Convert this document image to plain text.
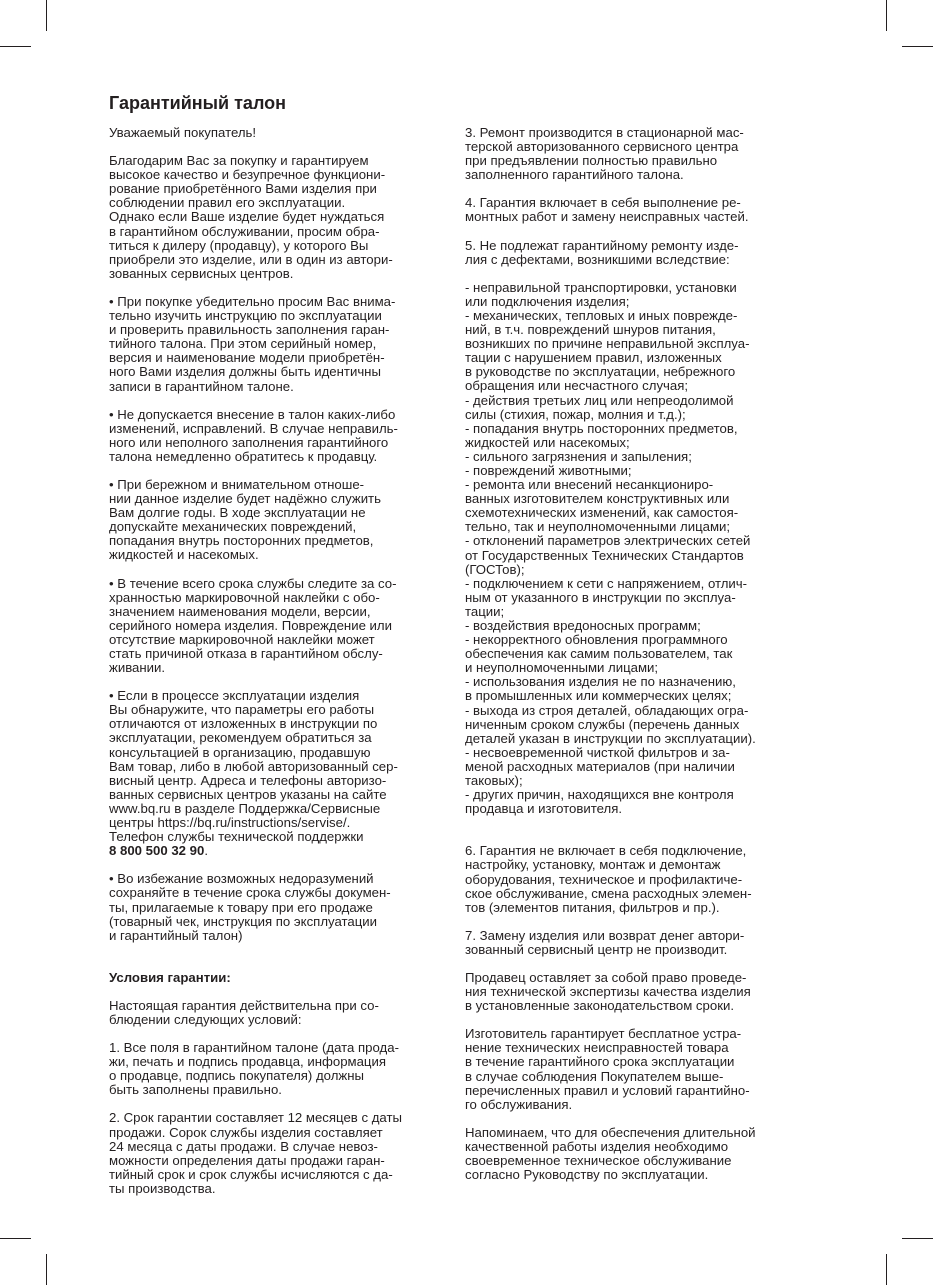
Гарантийный талон

Уважаемый покупатель!

Благодарим Вас за покупку и гарантируем
высокое качество и безупречное функциони-
рование приобретённого Вами изделия при
соблюдении правил его эксплуатации.
Однако если Ваше изделие будет нуждаться
в гарантийном обслуживании, просим обра-
титься к дилеру (продавцу), у которого Вы
приобрели это изделие, или в один из автори-
зованных сервисных центров.

• При покупке убедительно просим Вас внима-
тельно изучить инструкцию по эксплуатации
и проверить правильность заполнения гаран-
тийного талона. При этом серийный номер,
версия и наименование модели приобретён-
ного Вами изделия должны быть идентичны
записи в гарантийном талоне.

• Не допускается внесение в талон каких-либо
изменений, исправлений. В случае неправиль-
ного или неполного заполнения гарантийного
талона немедленно обратитесь к продавцу.

• При бережном и внимательном отноше-
нии данное изделие будет надёжно служить
Вам долгие годы. В ходе эксплуатации не
допускайте механических повреждений,
попадания внутрь посторонних предметов,
жидкостей и насекомых.

• В течение всего срока службы следите за со-
хранностью маркировочной наклейки с обо-
значением наименования модели, версии,
серийного номера изделия. Повреждение или
отсутствие маркировочной наклейки может
стать причиной отказа в гарантийном обслу-
живании.

• Если в процессе эксплуатации изделия
Вы обнаружите, что параметры его работы
отличаются от изложенных в инструкции по
эксплуатации, рекомендуем обратиться за
консультацией в организацию, продавшую
Вам товар, либо в любой авторизованный сер-
висный центр. Адреса и телефоны авторизо-
ванных сервисных центров указаны на сайте
www.bq.ru в разделе Поддержка/Сервисные
центры https://bq.ru/instructions/servise/.
Телефон службы технической поддержки
8 800 500 32 90.

• Во избежание возможных недоразумений
сохраняйте в течение срока службы докумен-
ты, прилагаемые к товару при его продаже
(товарный чек, инструкция по эксплуатации
и гарантийный талон)

Условия гарантии:

Настоящая гарантия действительна при со-
блюдении следующих условий:

1. Все поля в гарантийном талоне (дата прода-
жи, печать и подпись продавца, информация
о продавце, подпись покупателя) должны
быть заполнены правильно.

2. Срок гарантии составляет 12 месяцев с даты
продажи. Сорок службы изделия составляет
24 месяца с даты продажи. В случае невоз-
можности определения даты продажи гаран-
тийный срок и срок службы исчисляются с да-
ты производства.

3. Ремонт производится в стационарной мас-
терской авторизованного сервисного центра
при предъявлении полностью правильно
заполненного гарантийного талона.

4. Гарантия включает в себя выполнение ре-
монтных работ и замену неисправных частей.

5. Не подлежат гарантийному ремонту изде-
лия с дефектами, возникшими вследствие:

- неправильной транспортировки, установки
или подключения изделия;
- механических, тепловых и иных поврежде-
ний, в т.ч. повреждений шнуров питания,
возникших по причине неправильной эксплуа-
тации с нарушением правил, изложенных
в руководстве по эксплуатации, небрежного
обращения или несчастного случая;
- действия третьих лиц или непреодолимой
силы (стихия, пожар, молния и т.д.);
- попадания внутрь посторонних предметов,
жидкостей или насекомых;
- сильного загрязнения и запыления;
- повреждений животными;
- ремонта или внесений несанкциониро-
ванных изготовителем конструктивных или
схемотехнических изменений, как самостоя-
тельно, так и неуполномоченными лицами;
- отклонений параметров электрических сетей
от Государственных Технических Стандартов
(ГОСТов);
- подключением к сети с напряжением, отлич-
ным от указанного в инструкции по эксплуа-
тации;
- воздействия вредоносных программ;
- некорректного обновления программного
обеспечения как самим пользователем, так
и неуполномоченными лицами;
- использования изделия не по назначению,
в промышленных или коммерческих целях;
- выхода из строя деталей, обладающих огра-
ниченным сроком службы (перечень данных
деталей указан в инструкции по эксплуатации).
- несвоевременной чисткой фильтров и за-
меной расходных материалов (при наличии
таковых);
- других причин, находящихся вне контроля
продавца и изготовителя.

6. Гарантия не включает в себя подключение,
настройку, установку, монтаж и демонтаж
оборудования, техническое и профилактиче-
ское обслуживание, смена расходных элемен-
тов (элементов питания, фильтров и пр.).

7. Замену изделия или возврат денег автори-
зованный сервисный центр не производит.

Продавец оставляет за собой право проведе-
ния технической экспертизы качества изделия
в установленные законодательством сроки.

Изготовитель гарантирует бесплатное устра-
нение технических неисправностей товара
в течение гарантийного срока эксплуатации
в случае соблюдения Покупателем выше-
перечисленных правил и условий гарантийно-
го обслуживания.

Напоминаем, что для обеспечения длительной
качественной работы изделия необходимо
своевременное техническое обслуживание
согласно Руководству по эксплуатации.
